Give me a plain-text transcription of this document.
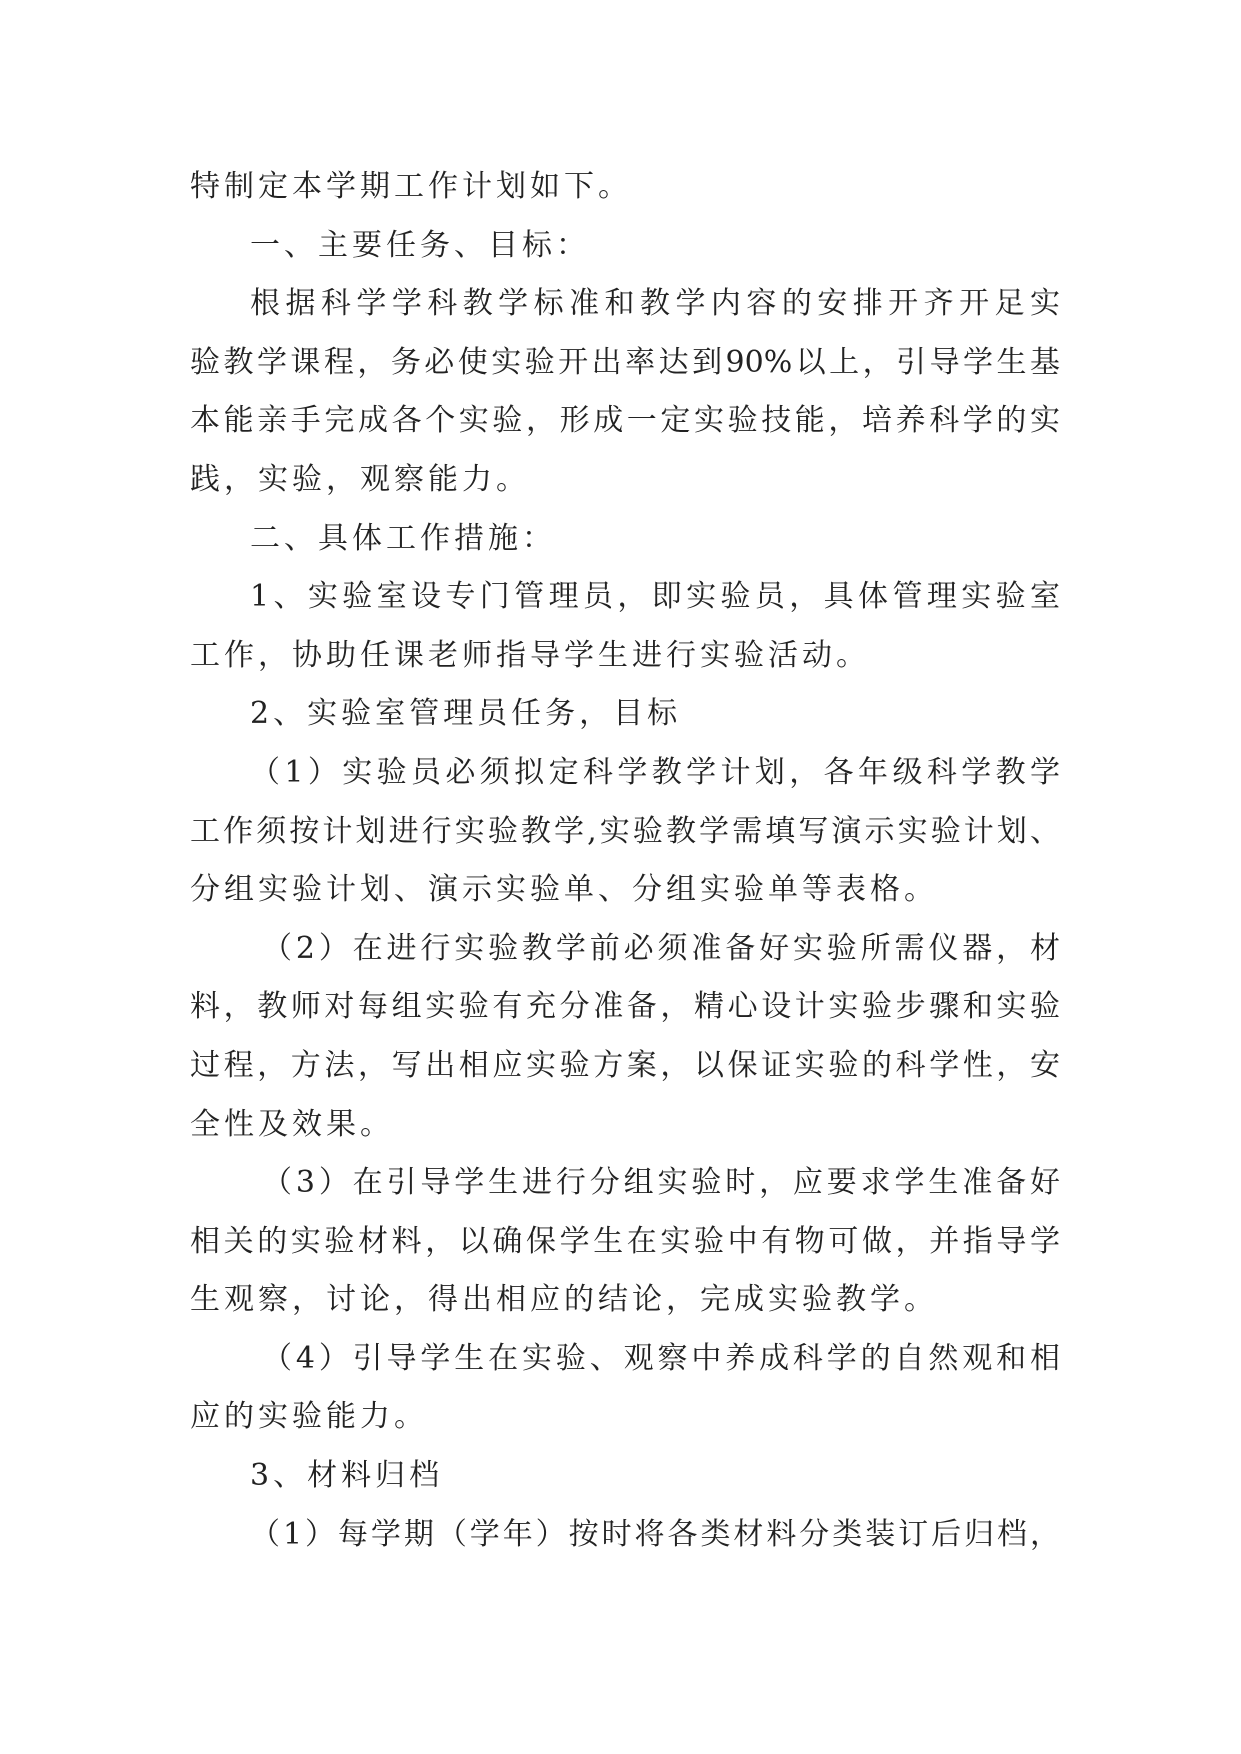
特制定本学期工作计划如下。
一、主要任务、目标：
根据科学学科教学标准和教学内容的安排开齐开足实
验教学课程，务必使实验开出率达到90%以上，引导学生基
本能亲手完成各个实验，形成一定实验技能，培养科学的实
践，实验，观察能力。
二、具体工作措施：
1、实验室设专门管理员，即实验员，具体管理实验室
工作，协助任课老师指导学生进行实验活动。
2、实验室管理员任务，目标
（1）实验员必须拟定科学教学计划，各年级科学教学
工作须按计划进行实验教学,实验教学需填写演示实验计划、
分组实验计划、演示实验单、分组实验单等表格。
（2）在进行实验教学前必须准备好实验所需仪器，材
料，教师对每组实验有充分准备，精心设计实验步骤和实验
过程，方法，写出相应实验方案，以保证实验的科学性，安
全性及效果。
（3）在引导学生进行分组实验时，应要求学生准备好
相关的实验材料，以确保学生在实验中有物可做，并指导学
生观察，讨论，得出相应的结论，完成实验教学。
（4）引导学生在实验、观察中养成科学的自然观和相
应的实验能力。
3、材料归档
（1）每学期（学年）按时将各类材料分类装订后归档，
